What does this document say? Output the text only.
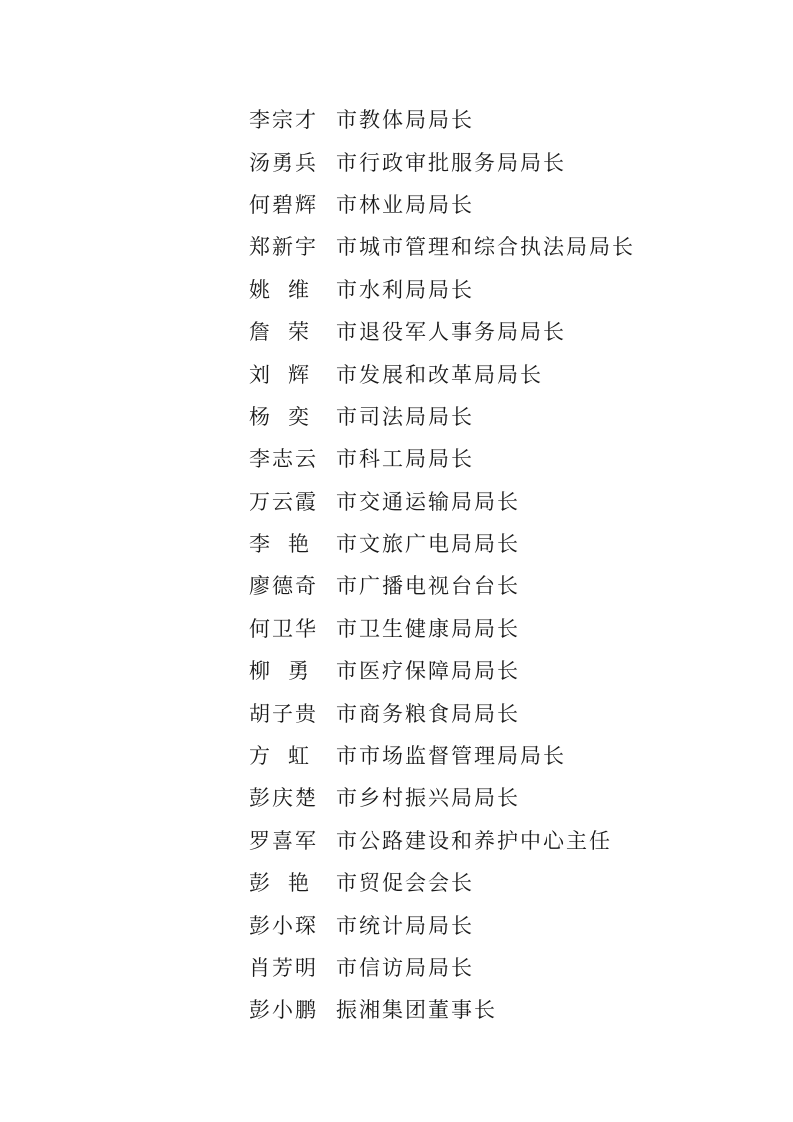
李 宗 才 市教体局局长
汤 勇 兵 市行政审批服务局局长
何 碧 辉 市林业局局长
郑 新 宇 市城市管理和综合执法局局长
姚 维 市水利局局长
詹 荣 市退役军人事务局局长
刘 辉 市发展和改革局局长
杨 奕 市司法局局长
李 志 云 市科工局局长
万 云 霞 市交通运输局局长
李 艳 市文旅广电局局长
廖 德 奇 市广播电视台台长
何 卫 华 市卫生健康局局长
柳 勇 市医疗保障局局长
胡 子 贵 市商务粮食局局长
方 虹 市市场监督管理局局长
彭 庆 楚 市乡村振兴局局长
罗 喜 军 市公路建设和养护中心主任
彭 艳 市贸促会会长
彭 小 琛 市统计局局长
肖 芳 明 市信访局局长
彭 小 鹏 振湘集团董事长
